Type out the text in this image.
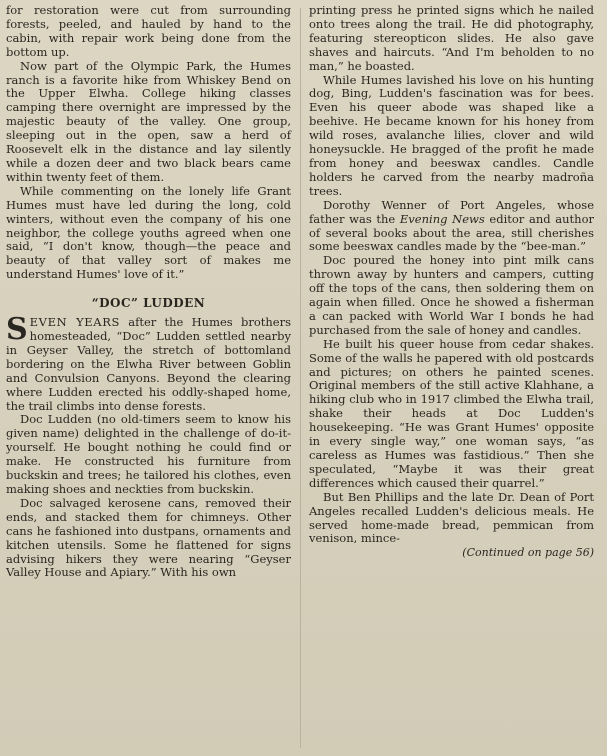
for restoration were cut from surrounding forests, peeled, and hauled by hand to the cabin, with repair work being done from the bottom up.

Now part of the Olympic Park, the Humes ranch is a favorite hike from Whiskey Bend on the Upper Elwha. College hiking classes camping there overnight are impressed by the majestic beauty of the valley. One group, sleeping out in the open, saw a herd of Roosevelt elk in the distance and lay silently while a dozen deer and two black bears came within twenty feet of them.

While commenting on the lonely life Grant Humes must have led during the long, cold winters, without even the company of his one neighbor, the college youths agreed when one said, “I don't know, though—the peace and beauty of that valley sort of makes me understand Humes' love of it.”

“DOC” LUDDEN

SEVEN YEARS after the Humes brothers homesteaded, “Doc” Ludden settled nearby in Geyser Valley, the stretch of bottomland bordering on the Elwha River between Goblin and Convulsion Canyons. Beyond the clearing where Ludden erected his oddly-shaped home, the trail climbs into dense forests.

Doc Ludden (no old-timers seem to know his given name) delighted in the challenge of do-it-yourself. He bought nothing he could find or make. He constructed his furniture from buckskin and trees; he tailored his clothes, even making shoes and neckties from buckskin.

Doc salvaged kerosene cans, removed their ends, and stacked them for chimneys. Other cans he fashioned into dustpans, ornaments and kitchen utensils. Some he flattened for signs advising hikers they were nearing “Geyser Valley House and Apiary.” With his own

printing press he printed signs which he nailed onto trees along the trail. He did photography, featuring stereopticon slides. He also gave shaves and haircuts. “And I'm beholden to no man,” he boasted.

While Humes lavished his love on his hunting dog, Bing, Ludden's fascination was for bees. Even his queer abode was shaped like a beehive. He became known for his honey from wild roses, avalanche lilies, clover and wild honeysuckle. He bragged of the profit he made from honey and beeswax candles. Candle holders he carved from the nearby madroña trees.

Dorothy Wenner of Port Angeles, whose father was the Evening News editor and author of several books about the area, still cherishes some beeswax candles made by the “bee-man.”

Doc poured the honey into pint milk cans thrown away by hunters and campers, cutting off the tops of the cans, then soldering them on again when filled. Once he showed a fisherman a can packed with World War I bonds he had purchased from the sale of honey and candles.

He built his queer house from cedar shakes. Some of the walls he papered with old postcards and pictures; on others he painted scenes. Original members of the still active Klahhane, a hiking club who in 1917 climbed the Elwha trail, shake their heads at Doc Ludden's housekeeping. “He was Grant Humes' opposite in every single way,” one woman says, “as careless as Humes was fastidious.” Then she speculated, “Maybe it was their great differences which caused their quarrel.”

But Ben Phillips and the late Dr. Dean of Port Angeles recalled Ludden's delicious meals. He served home-made bread, pemmican from venison, mince-

(Continued on page 56)
